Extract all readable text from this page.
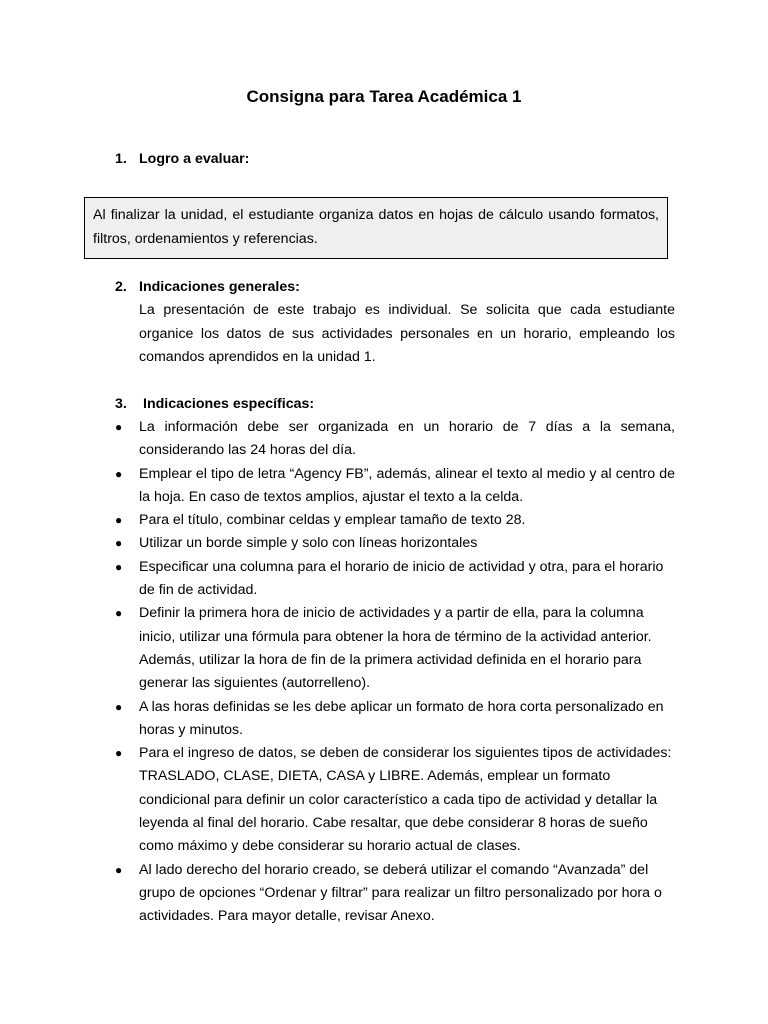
Consigna para Tarea Académica 1
1. Logro a evaluar:
Al finalizar la unidad, el estudiante organiza datos en hojas de cálculo usando formatos, filtros, ordenamientos y referencias.
2. Indicaciones generales:
La presentación de este trabajo es individual. Se solicita que cada estudiante organice los datos de sus actividades personales en un horario, empleando los comandos aprendidos en la unidad 1.
3. Indicaciones específicas:
●	La información debe ser organizada en un horario de 7 días a la semana, considerando las 24 horas del día.
●	Emplear el tipo de letra “Agency FB”, además, alinear el texto al medio y al centro de la hoja. En caso de textos amplios, ajustar el texto a la celda.
●	Para el título, combinar celdas y emplear tamaño de texto 28.
●	Utilizar un borde simple y solo con líneas horizontales
●	Especificar una columna para el horario de inicio de actividad y otra, para el horario de fin de actividad.
●	Definir la primera hora de inicio de actividades y a partir de ella, para la columna inicio, utilizar una fórmula para obtener la hora de término de la actividad anterior. Además, utilizar la hora de fin de la primera actividad definida en el horario para generar las siguientes (autorrelleno).
●	A las horas definidas se les debe aplicar un formato de hora corta personalizado en horas y minutos.
●	Para el ingreso de datos, se deben de considerar los siguientes tipos de actividades: TRASLADO, CLASE, DIETA, CASA y LIBRE. Además, emplear un formato condicional para definir un color característico a cada tipo de actividad y detallar la leyenda al final del horario. Cabe resaltar, que debe considerar 8 horas de sueño como máximo y debe considerar su horario actual de clases.
●	Al lado derecho del horario creado, se deberá utilizar el comando “Avanzada” del grupo de opciones “Ordenar y filtrar” para realizar un filtro personalizado por hora o actividades. Para mayor detalle, revisar Anexo.
